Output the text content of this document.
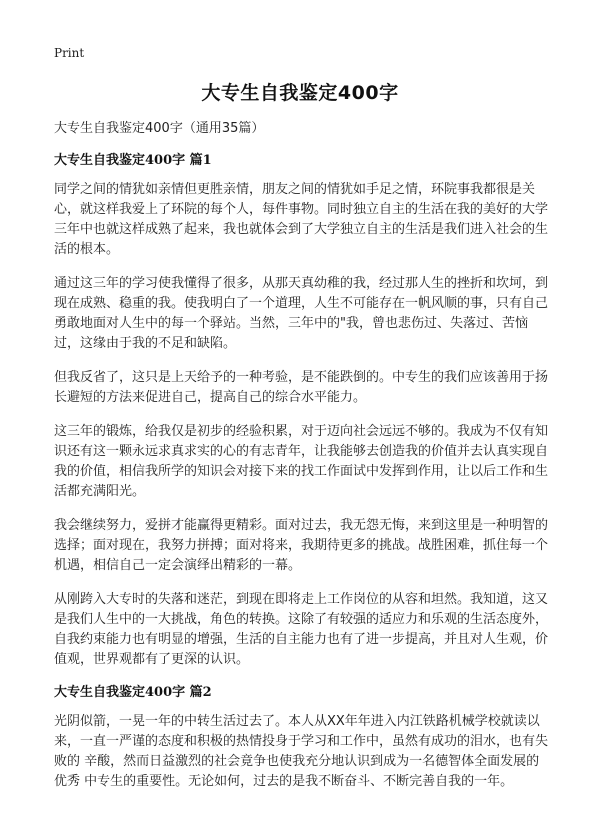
Print
大专生自我鉴定400字

大专生自我鉴定400字（通用35篇）

大专生自我鉴定400字 篇1

同学之间的情犹如亲情但更胜亲情，朋友之间的情犹如手足之情，环院事我都很是关心，就这样我爱上了环院的每个人，每件事物。同时独立自主的生活在我的美好的大学三年中也就这样成熟了起来，我也就体会到了大学独立自主的生活是我们进入社会的生活的根本。

通过这三年的学习使我懂得了很多，从那天真幼稚的我，经过那人生的挫折和坎坷，到现在成熟、稳重的我。使我明白了一个道理，人生不可能存在一帆风顺的事，只有自己勇敢地面对人生中的每一个驿站。当然，三年中的"我，曾也悲伤过、失落过、苦恼过，这缘由于我的不足和缺陷。

但我反省了，这只是上天给予的一种考验，是不能跌倒的。中专生的我们应该善用于扬长避短的方法来促进自己，提高自己的综合水平能力。

这三年的锻炼，给我仅是初步的经验积累，对于迈向社会远远不够的。我成为不仅有知识还有这一颗永远求真求实的心的有志青年，让我能够去创造我的价值并去认真实现自我的价值，相信我所学的知识会对接下来的找工作面试中发挥到作用，让以后工作和生活都充满阳光。

我会继续努力，爱拼才能赢得更精彩。面对过去，我无怨无悔，来到这里是一种明智的选择；面对现在，我努力拼搏；面对将来，我期待更多的挑战。战胜困难，抓住每一个机遇，相信自己一定会演绎出精彩的一幕。

从刚跨入大专时的失落和迷茫，到现在即将走上工作岗位的从容和坦然。我知道，这又是我们人生中的一大挑战，角色的转换。这除了有较强的适应力和乐观的生活态度外，自我约束能力也有明显的增强，生活的自主能力也有了进一步提高，并且对人生观，价值观，世界观都有了更深的认识。

大专生自我鉴定400字 篇2

光阴似箭，一晃一年的中转生活过去了。本人从XX年年进入内江铁路机械学校就读以来，一直一严谨的态度和积极的热情投身于学习和工作中，虽然有成功的泪水，也有失败的 辛酸，然而日益激烈的社会竟争也使我充分地认识到成为一名德智体全面发展的优秀 中专生的重要性。无论如何，过去的是我不断奋斗、不断完善自我的一年。
